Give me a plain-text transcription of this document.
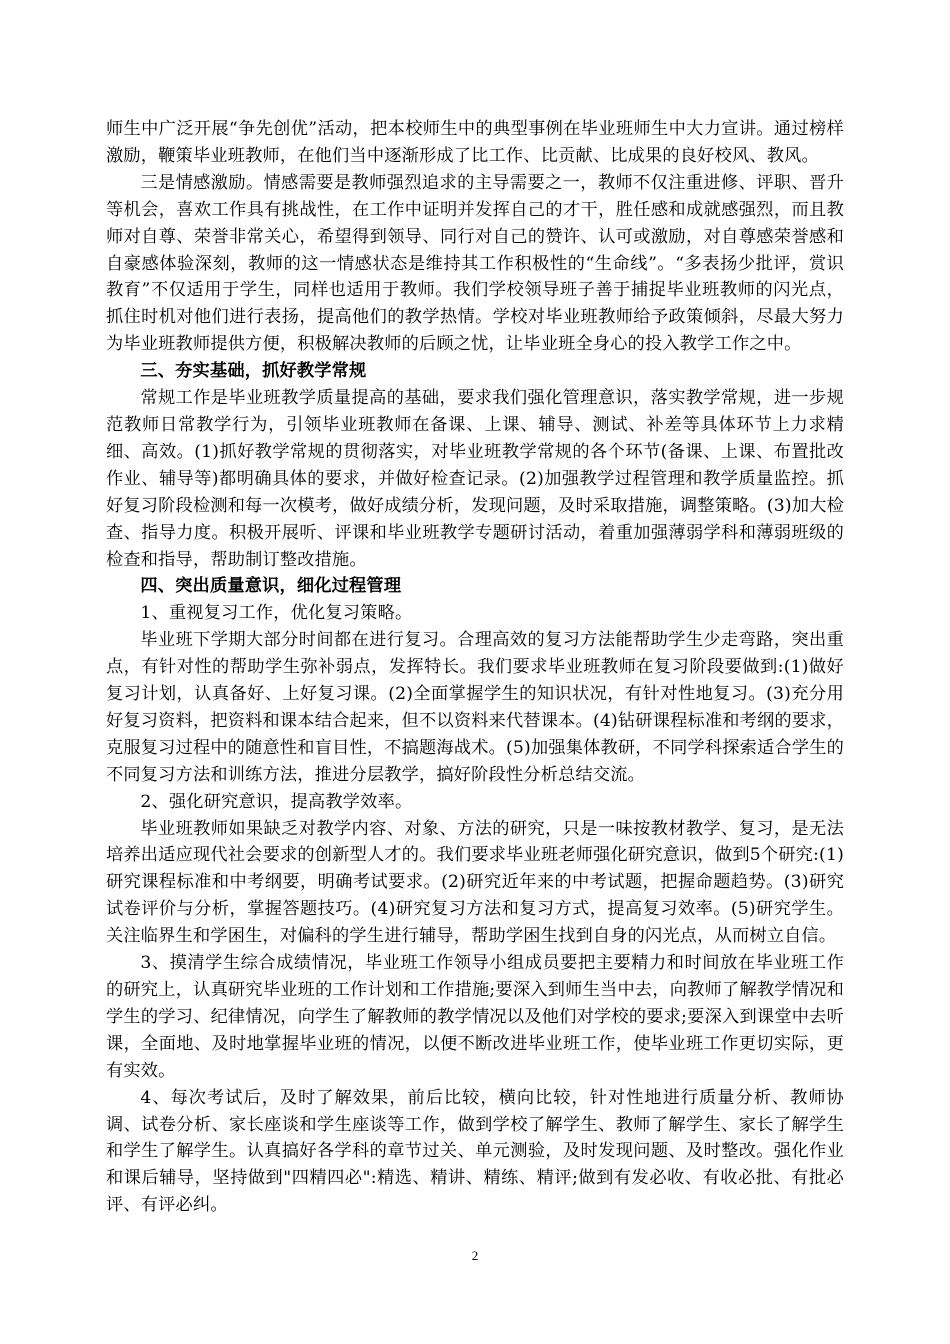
师生中广泛开展“争先创优”活动，把本校师生中的典型事例在毕业班师生中大力宣讲。通过榜样激励，鞭策毕业班教师，在他们当中逐渐形成了比工作、比贡献、比成果的良好校风、教风。

三是情感激励。情感需要是教师强烈追求的主导需要之一，教师不仅注重进修、评职、晋升等机会，喜欢工作具有挑战性，在工作中证明并发挥自己的才干，胜任感和成就感强烈，而且教师对自尊、荣誉非常关心，希望得到领导、同行对自己的赞许、认可或激励，对自尊感荣誉感和自豪感体验深刻，教师的这一情感状态是维持其工作积极性的“生命线”。“多表扬少批评，赏识教育”不仅适用于学生，同样也适用于教师。我们学校领导班子善于捕捉毕业班教师的闪光点，抓住时机对他们进行表扬，提高他们的教学热情。学校对毕业班教师给予政策倾斜，尽最大努力为毕业班教师提供方便，积极解决教师的后顾之忧，让毕业班全身心的投入教学工作之中。

三、夯实基础，抓好教学常规

常规工作是毕业班教学质量提高的基础，要求我们强化管理意识，落实教学常规，进一步规范教师日常教学行为，引领毕业班教师在备课、上课、辅导、测试、补差等具体环节上力求精细、高效。(1)抓好教学常规的贯彻落实，对毕业班教学常规的各个环节(备课、上课、布置批改作业、辅导等)都明确具体的要求，并做好检查记录。(2)加强教学过程管理和教学质量监控。抓好复习阶段检测和每一次模考，做好成绩分析，发现问题，及时采取措施，调整策略。(3)加大检查、指导力度。积极开展听、评课和毕业班教学专题研讨活动，着重加强薄弱学科和薄弱班级的检查和指导，帮助制订整改措施。

四、突出质量意识，细化过程管理

1、重视复习工作，优化复习策略。

毕业班下学期大部分时间都在进行复习。合理高效的复习方法能帮助学生少走弯路，突出重点，有针对性的帮助学生弥补弱点，发挥特长。我们要求毕业班教师在复习阶段要做到:(1)做好复习计划，认真备好、上好复习课。(2)全面掌握学生的知识状况，有针对性地复习。(3)充分用好复习资料，把资料和课本结合起来，但不以资料来代替课本。(4)钻研课程标准和考纲的要求，克服复习过程中的随意性和盲目性，不搞题海战术。(5)加强集体教研，不同学科探索适合学生的不同复习方法和训练方法，推进分层教学，搞好阶段性分析总结交流。

2、强化研究意识，提高教学效率。

毕业班教师如果缺乏对教学内容、对象、方法的研究，只是一味按教材教学、复习，是无法培养出适应现代社会要求的创新型人才的。我们要求毕业班老师强化研究意识，做到5个研究:(1)研究课程标准和中考纲要，明确考试要求。(2)研究近年来的中考试题，把握命题趋势。(3)研究试卷评价与分析，掌握答题技巧。(4)研究复习方法和复习方式，提高复习效率。(5)研究学生。关注临界生和学困生，对偏科的学生进行辅导，帮助学困生找到自身的闪光点，从而树立自信。

3、摸清学生综合成绩情况，毕业班工作领导小组成员要把主要精力和时间放在毕业班工作的研究上，认真研究毕业班的工作计划和工作措施;要深入到师生当中去，向教师了解教学情况和学生的学习、纪律情况，向学生了解教师的教学情况以及他们对学校的要求;要深入到课堂中去听课，全面地、及时地掌握毕业班的情况，以便不断改进毕业班工作，使毕业班工作更切实际，更有实效。

4、每次考试后，及时了解效果，前后比较，横向比较，针对性地进行质量分析、教师协调、试卷分析、家长座谈和学生座谈等工作，做到学校了解学生、教师了解学生、家长了解学生和学生了解学生。认真搞好各学科的章节过关、单元测验，及时发现问题、及时整改。强化作业和课后辅导，坚持做到"四精四必":精选、精讲、精练、精评;做到有发必收、有收必批、有批必评、有评必纠。

2
